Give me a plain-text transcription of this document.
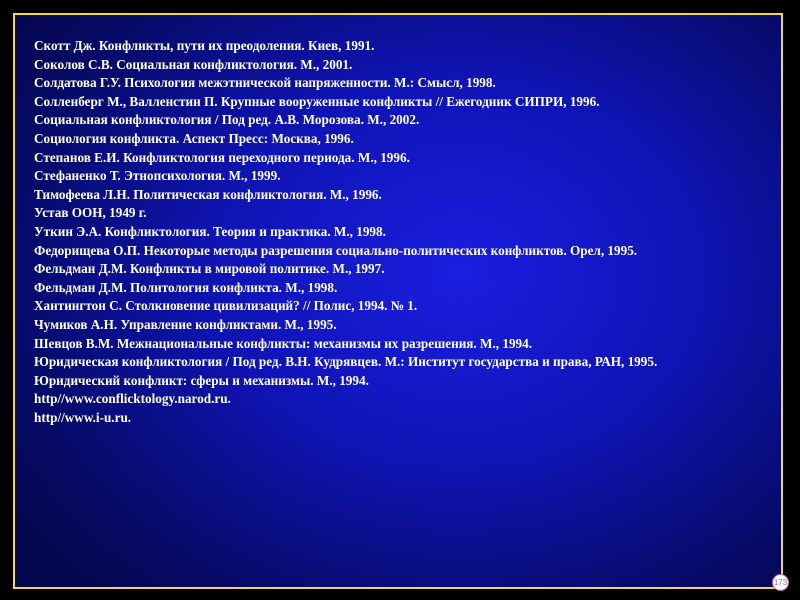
Скотт Дж. Конфликты, пути их преодоления. Киев, 1991.
Соколов С.В. Социальная конфликтология. М., 2001.
Солдатова Г.У. Психология межэтнической напряженности. М.: Смысл, 1998.
Солленберг М., Валленстин П. Крупные вооруженные конфликты // Ежегодник СИПРИ, 1996.
Социальная конфликтология / Под ред. А.В. Морозова. М., 2002.
Социология конфликта. Аспект Пресс: Москва, 1996.
Степанов Е.И. Конфликтология переходного периода. М., 1996.
Стефаненко Т. Этнопсихология. М., 1999.
Тимофеева Л.Н. Политическая конфликтология. М., 1996.
Устав ООН, 1949 г.
Уткин Э.А. Конфликтология. Теория и практика. М., 1998.
Федорищева О.П. Некоторые методы разрешения социально-политических конфликтов. Орел, 1995.
Фельдман Д.М. Конфликты в мировой политике. М., 1997.
Фельдман Д.М. Политология конфликта. М., 1998.
Хантингтон С. Столкновение цивилизаций? // Полис, 1994. № 1.
Чумиков А.Н. Управление конфликтами. М., 1995.
Шевцов В.М. Межнациональные конфликты: механизмы их разрешения. М., 1994.
Юридическая конфликтология / Под ред. В.Н. Кудрявцев. М.: Институт государства и права, РАН, 1995.
Юридический конфликт: сферы и механизмы. М., 1994.
http//www.conflicktology.narod.ru.
http//www.i-u.ru.
173
